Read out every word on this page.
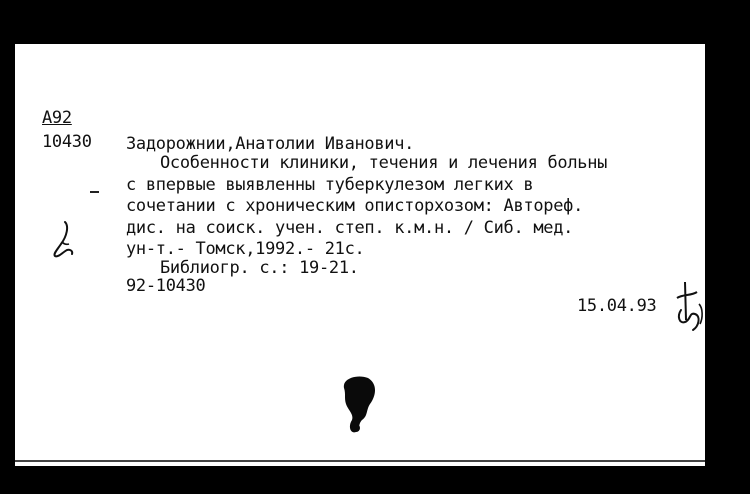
A92
10430 Задорожнии,Анатолии Иванович.
Особенности клиники, течения и лечения больны
с впервые выявленны туберкулезом легких в
сочетании с хроническим описторхозом: Автореф.
дис. на соиск. учен. степ. к.м.н. / Сиб. мед.
ун-т.- Томск,1992.- 21с.
Библиогр. с.: 19-21.
92-10430
15.04.93
